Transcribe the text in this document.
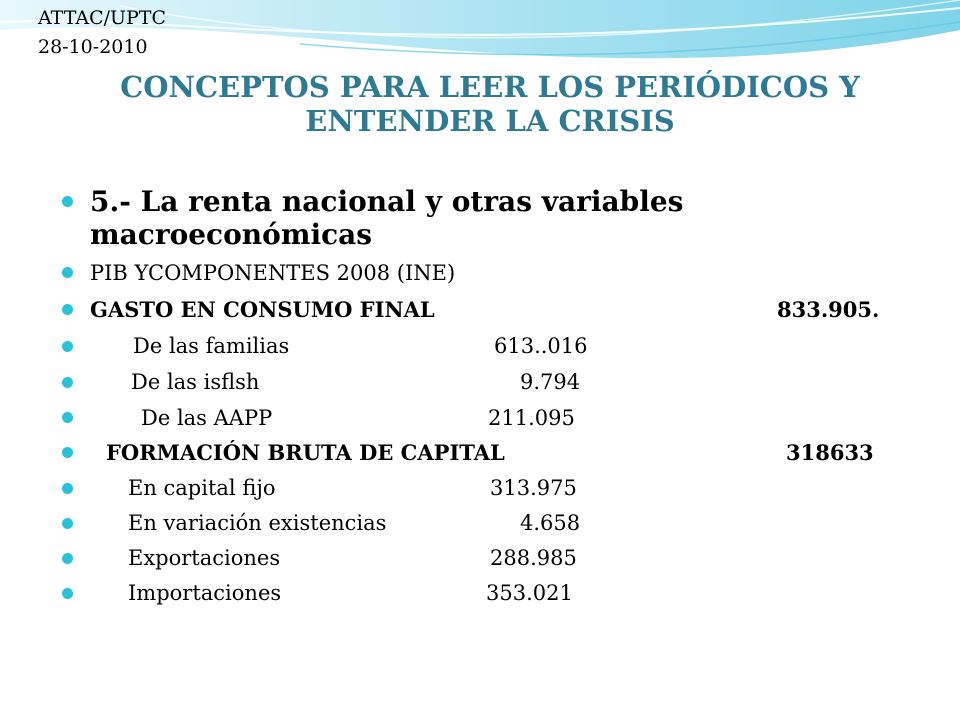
ATTAC/UPTC
28-10-2010
CONCEPTOS PARA LEER LOS PERIÓDICOS Y
ENTENDER LA CRISIS
5.- La renta nacional y otras variables
macroeconómicas
PIB YCOMPONENTES 2008 (INE)
GASTO EN CONSUMO FINAL	833.905.
De las familias	613..016
De las isflsh	9.794
De las AAPP	211.095
FORMACIÓN BRUTA DE CAPITAL	318633
En capital fijo	313.975
En variación existencias	4.658
Exportaciones	288.985
Importaciones	353.021
